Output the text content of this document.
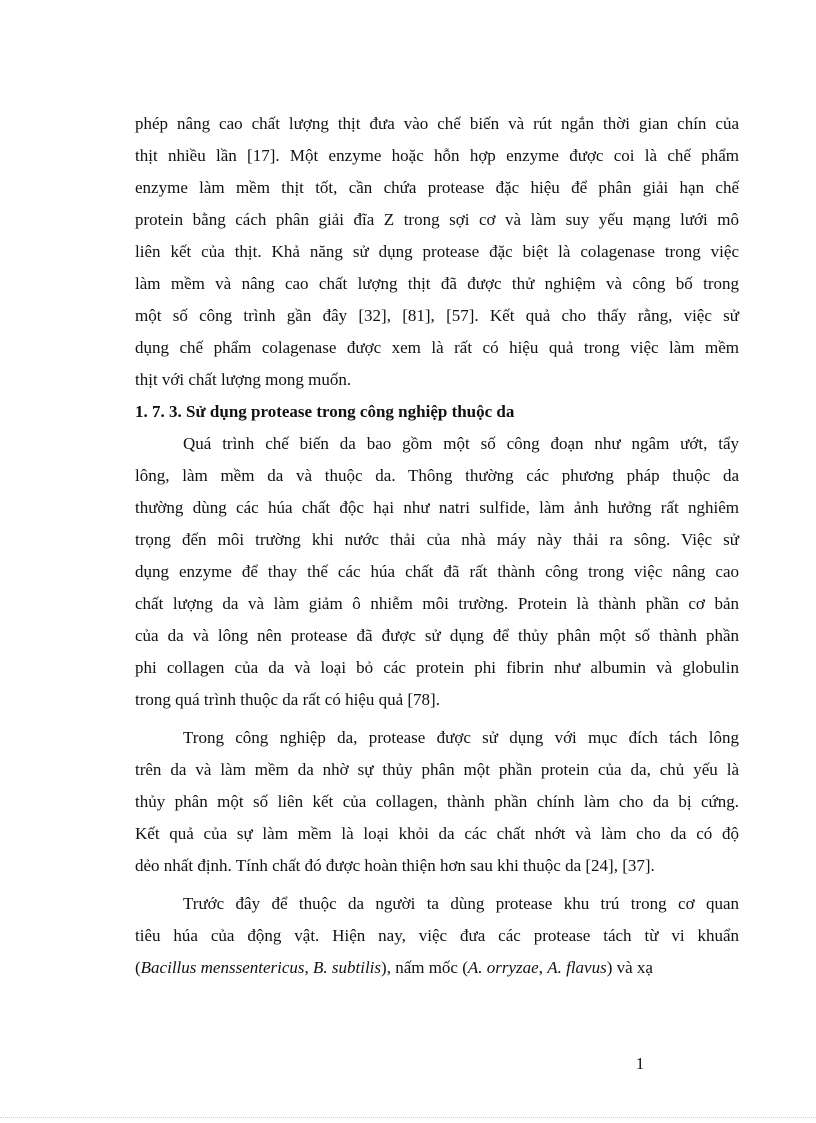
phép nâng cao chất lượng thịt đưa vào chế biến và rút ngắn thời gian chín của
thịt nhiều lần [17]. Một enzyme hoặc hỗn hợp enzyme được coi là chế phẩm
enzyme làm mềm thịt tốt, cần chứa protease đặc hiệu để phân giải hạn chế
protein bằng cách phân giải đĩa Z trong sợi cơ và làm suy yếu mạng lưới mô
liên kết của thịt. Khả năng sử dụng protease đặc biệt là colagenase trong việc
làm mềm và nâng cao chất lượng thịt đã được thử nghiệm và công bố trong
một số công trình gần đây [32], [81], [57]. Kết quả cho thấy rằng, việc sử
dụng chế phẩm colagenase được xem là rất có hiệu quả trong việc làm mềm
thịt với chất lượng mong muốn.
1. 7. 3. Sử dụng protease trong công nghiệp thuộc da
Quá trình chế biến da bao gồm một số công đoạn như ngâm ướt, tẩy
lông, làm mềm da và thuộc da. Thông thường các phương pháp thuộc da
thường dùng các húa chất độc hại như natri sulfide, làm ảnh hưởng rất nghiêm
trọng đến môi trường khi nước thải của nhà máy này thải ra sông. Việc sử
dụng enzyme để thay thế các húa chất đã rất thành công trong việc nâng cao
chất lượng da và làm giảm ô nhiễm môi trường. Protein là thành phần cơ bản
của da và lông nên protease đã được sử dụng để thủy phân một số thành phần
phi collagen của da và loại bỏ các protein phi fibrin như albumin và globulin
trong quá trình thuộc da rất có hiệu quả [78].
Trong công nghiệp da, protease được sử dụng với mục đích tách lông
trên da và làm mềm da nhờ sự thủy phân một phần protein của da, chủ yếu là
thủy phân một số liên kết của collagen, thành phần chính làm cho da bị cứng.
Kết quả của sự làm mềm là loại khỏi da các chất nhớt và làm cho da có độ
dẻo nhất định. Tính chất đó được hoàn thiện hơn sau khi thuộc da [24], [37].
Trước đây để thuộc da người ta dùng protease khu trú trong cơ quan
tiêu húa của động vật. Hiện nay, việc đưa các protease tách từ vi khuẩn
(Bacillus menssentericus, B. subtilis), nấm mốc (A. orryzae, A. flavus) và xạ
1
